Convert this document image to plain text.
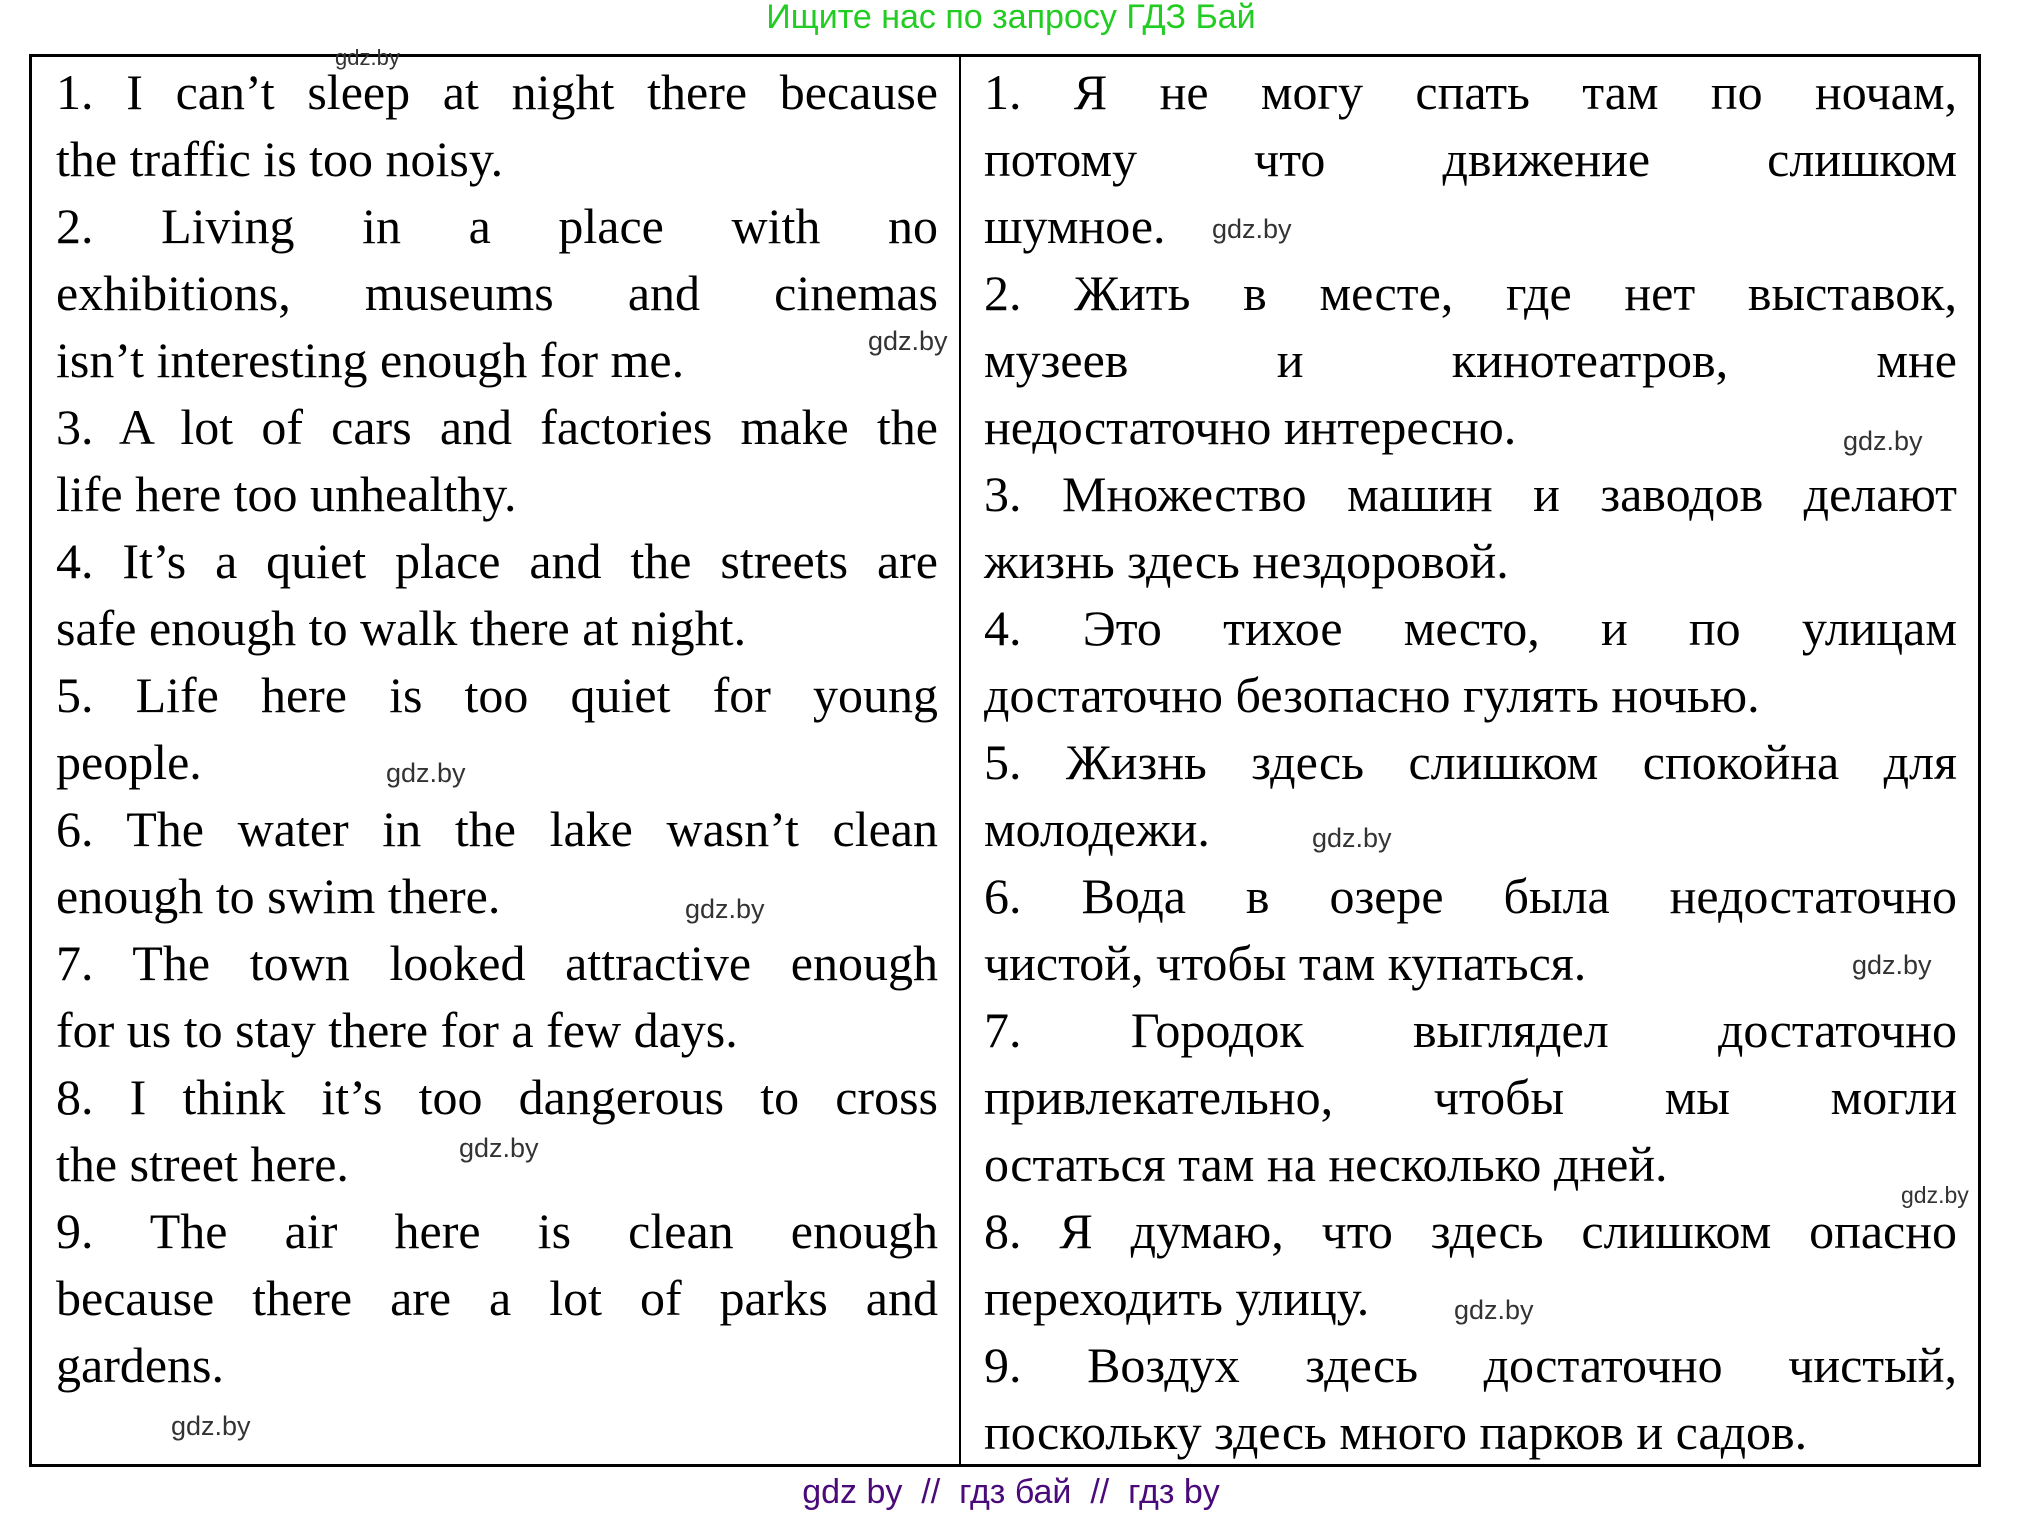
Ищите нас по запросу ГДЗ Бай
1. I can’t sleep at night there because
the traffic is too noisy.
2. Living in a place with no
exhibitions, museums and cinemas
isn’t interesting enough for me.
3. A lot of cars and factories make the
life here too unhealthy.
4. It’s a quiet place and the streets are
safe enough to walk there at night.
5. Life here is too quiet for young
people.
6. The water in the lake wasn’t clean
enough to swim there.
7. The town looked attractive enough
for us to stay there for a few days.
8. I think it’s too dangerous to cross
the street here.
9. The air here is clean enough
because there are a lot of parks and
gardens.
1. Я не могу спать там по ночам,
потому что движение слишком
шумное.
2. Жить в месте, где нет выставок,
музеев и кинотеатров, мне
недостаточно интересно.
3. Множество машин и заводов делают
жизнь здесь нездоровой.
4. Это тихое место, и по улицам
достаточно безопасно гулять ночью.
5. Жизнь здесь слишком спокойна для
молодежи.
6. Вода в озере была недостаточно
чистой, чтобы там купаться.
7. Городок выглядел достаточно
привлекательно, чтобы мы могли
остаться там на несколько дней.
8. Я думаю, что здесь слишком опасно
переходить улицу.
9. Воздух здесь достаточно чистый,
поскольку здесь много парков и садов.
gdz.by
gdz.by
gdz.by
gdz.by
gdz.by
gdz.by
gdz.by
gdz.by
gdz.by
gdz.by
gdz.by
gdz.by
gdz by  //  гдз бай  //  гдз by
